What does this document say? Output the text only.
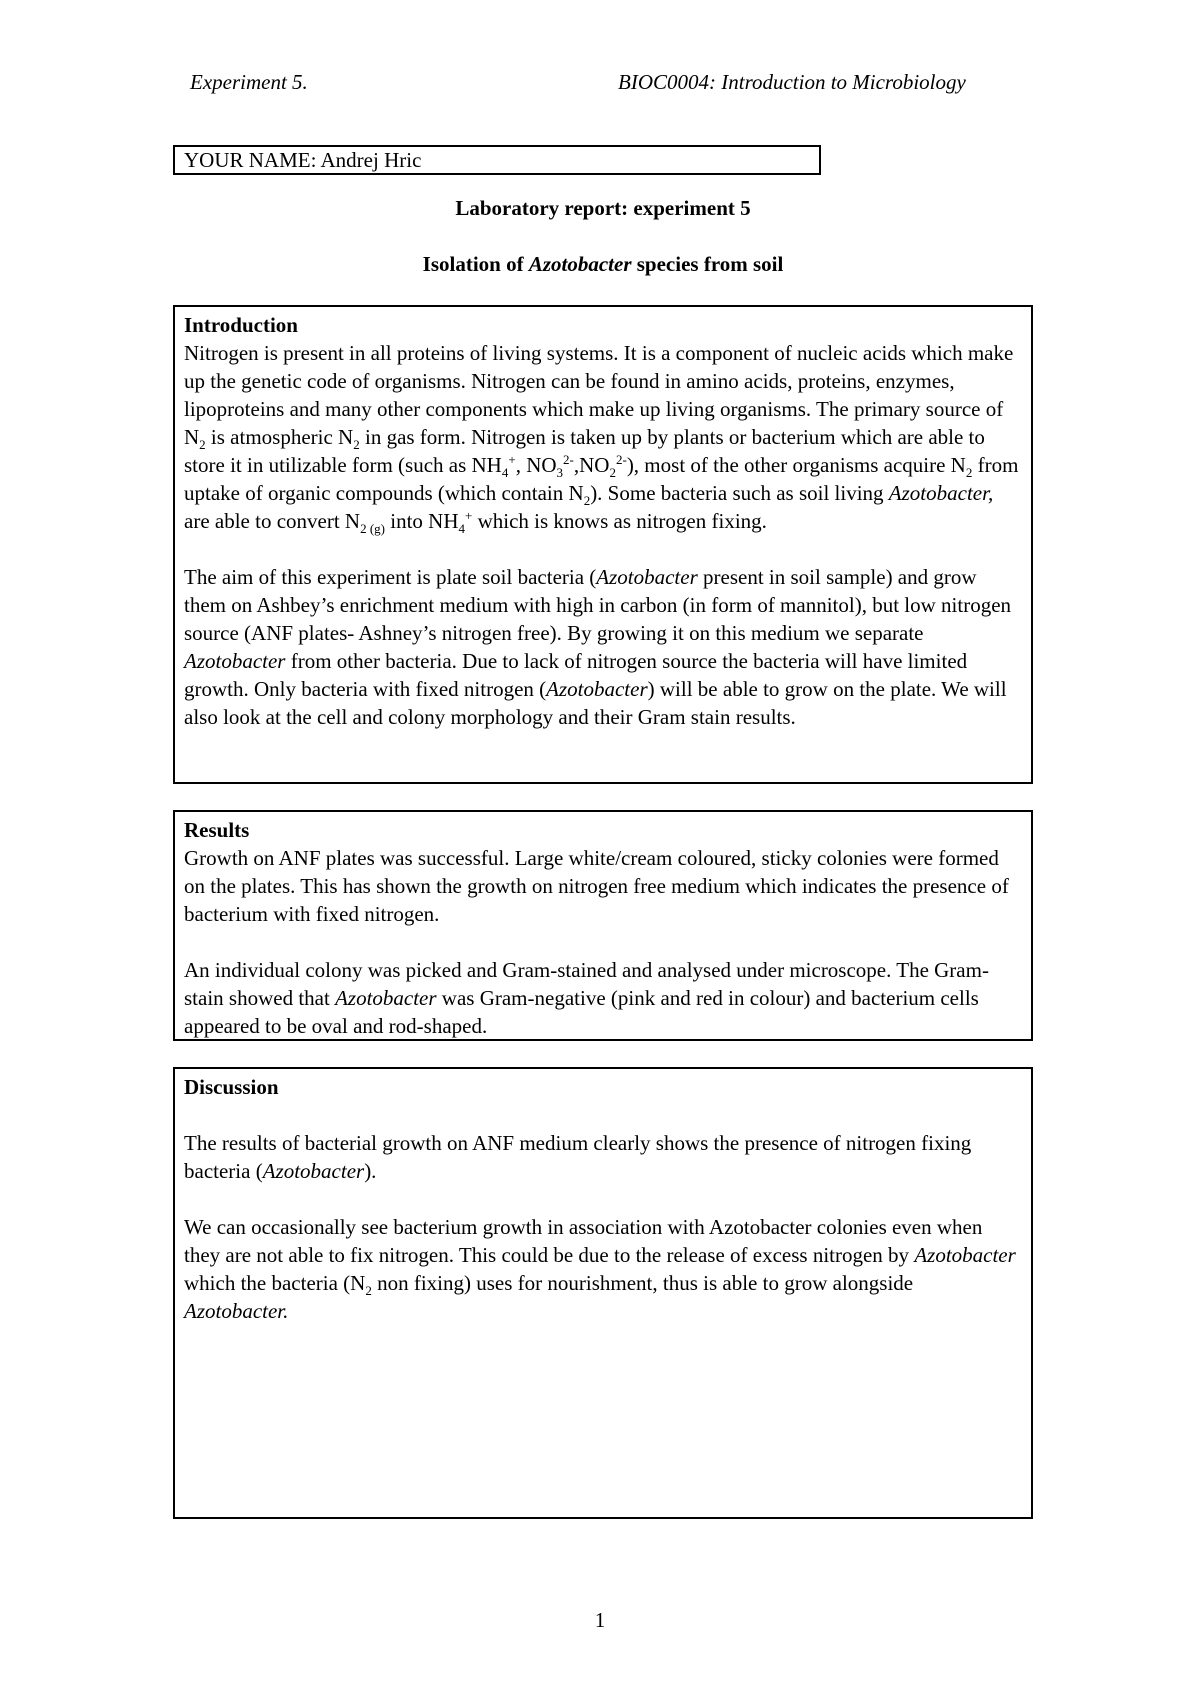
Experiment 5.	BIOC0004: Introduction to Microbiology
YOUR NAME: Andrej Hric
Laboratory report: experiment 5
Isolation of Azotobacter species from soil
Introduction

Nitrogen is present in all proteins of living systems. It is a component of nucleic acids which make up the genetic code of organisms. Nitrogen can be found in amino acids, proteins, enzymes, lipoproteins and many other components which make up living organisms. The primary source of $N_2$ is atmospheric $N_2$ in gas form. Nitrogen is taken up by plants or bacterium which are able to store it in utilizable form (such as $NH_4^+$, $NO_3^{2-},NO_2^{2-}$), most of the other organisms acquire $N_2$ from uptake of organic compounds (which contain $N_2$). Some bacteria such as soil living Azotobacter, are able to convert $N_{2 (g)}$ into $NH_4^+$ which is knows as nitrogen fixing.

The aim of this experiment is plate soil bacteria (Azotobacter present in soil sample) and grow them on Ashbey’s enrichment medium with high in carbon (in form of mannitol), but low nitrogen source (ANF plates- Ashney’s nitrogen free). By growing it on this medium we separate Azotobacter from other bacteria. Due to lack of nitrogen source the bacteria will have limited growth. Only bacteria with fixed nitrogen (Azotobacter) will be able to grow on the plate. We will also look at the cell and colony morphology and their Gram stain results.

Results

Growth on ANF plates was successful. Large white/cream coloured, sticky colonies were formed on the plates. This has shown the growth on nitrogen free medium which indicates the presence of bacterium with fixed nitrogen.

An individual colony was picked and Gram-stained and analysed under microscope. The Gram-stain showed that Azotobacter was Gram-negative (pink and red in colour) and bacterium cells appeared to be oval and rod-shaped.

Discussion

The results of bacterial growth on ANF medium clearly shows the presence of nitrogen fixing bacteria (Azotobacter).

We can occasionally see bacterium growth in association with Azotobacter colonies even when they are not able to fix nitrogen. This could be due to the release of excess nitrogen by Azotobacter which the bacteria ($N_2$ non fixing) uses for nourishment, thus is able to grow alongside Azotobacter.

1
